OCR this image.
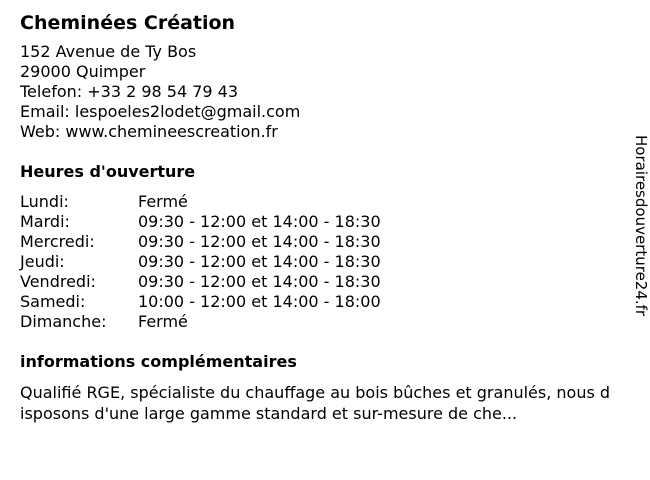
Cheminées Création
152 Avenue de Ty Bos
29000 Quimper
Telefon: +33 2 98 54 79 43
Email: lespoeles2lodet@gmail.com
Web: www.chemineescreation.fr
Heures d'ouverture
Lundi:	Fermé
Mardi:	09:30 - 12:00 et 14:00 - 18:30
Mercredi:	09:30 - 12:00 et 14:00 - 18:30
Jeudi:	09:30 - 12:00 et 14:00 - 18:30
Vendredi:	09:30 - 12:00 et 14:00 - 18:30
Samedi:	10:00 - 12:00 et 14:00 - 18:00
Dimanche:	Fermé
informations complémentaires
Qualifié RGE, spécialiste du chauffage au bois bûches et granulés, nous disposons d'une large gamme standard et sur-mesure de che...
Horairesdouverture24.fr
